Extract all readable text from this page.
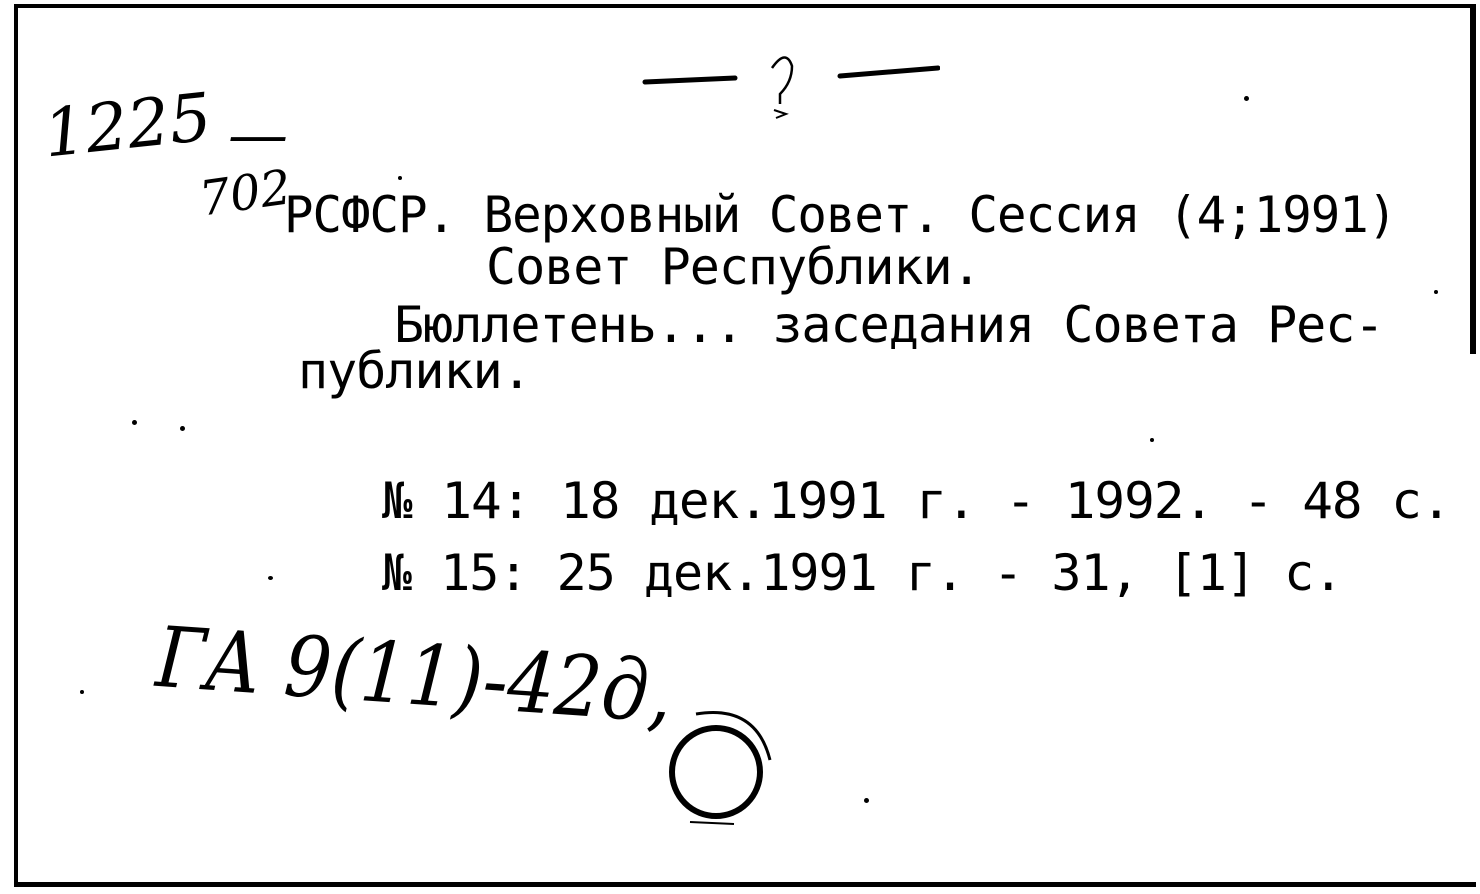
1225 —
702
РСФСР. Верховный Совет. Сессия (4;1991)
Совет Республики.
Бюллетень... заседания Совета Рес-
публики.
№ 14: 18 дек.1991 г. - 1992. - 48 с.
№ 15: 25 дек.1991 г. - 31, [1] с.
ГА 9(11)-42д,
